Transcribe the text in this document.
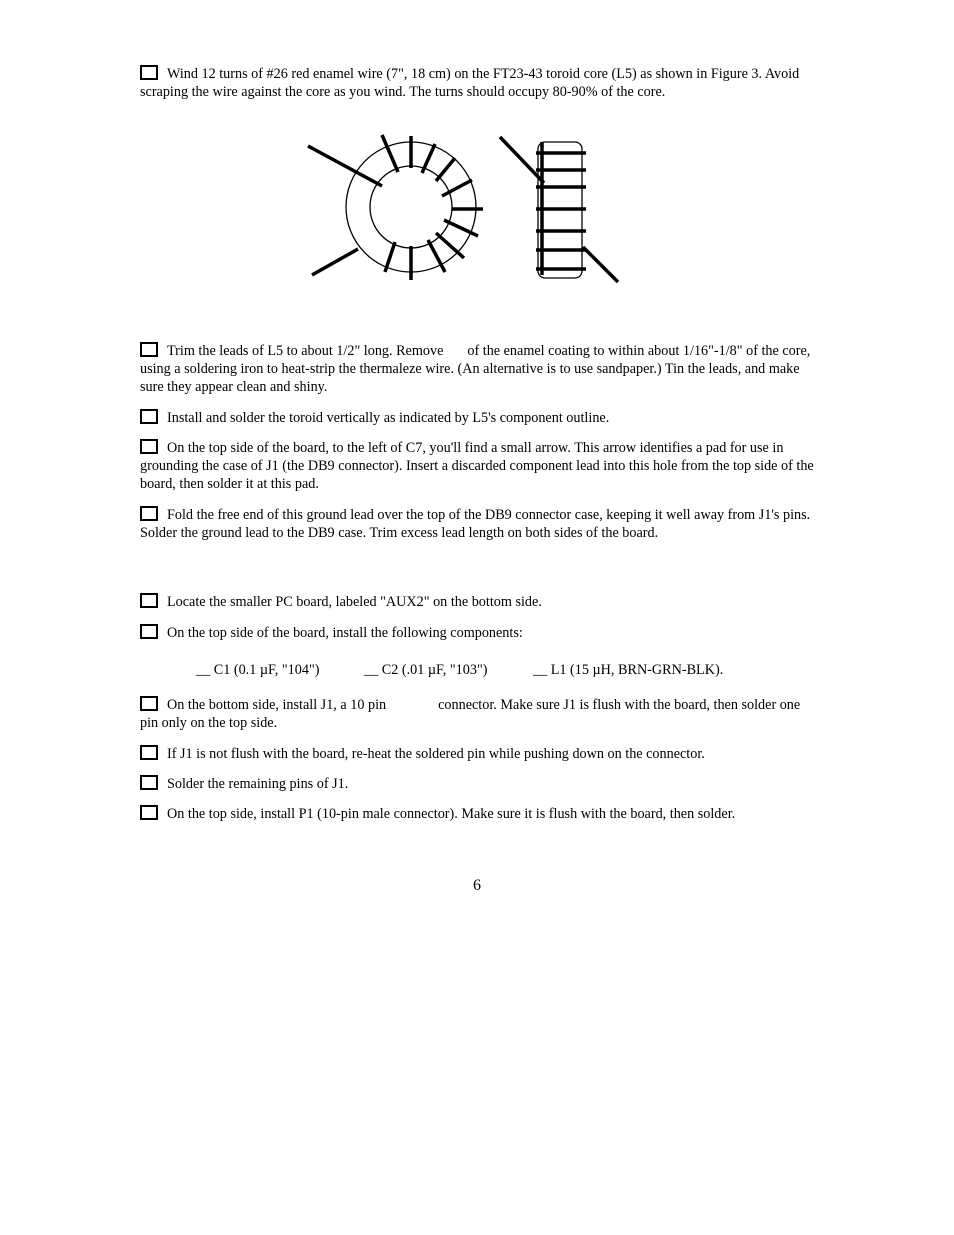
Wind 12 turns of #26 red enamel wire (7", 18 cm) on the FT23-43 toroid core (L5) as shown in Figure 3. Avoid scraping the wire against the core as you wind. The turns should occupy 80-90% of the core.
Trim the leads of L5 to about 1/2" long. Remove of the enamel coating to within about 1/16"-1/8" of the core, using a soldering iron to heat-strip the thermaleze wire. (An alternative is to use sandpaper.) Tin the leads, and make sure they appear clean and shiny.
Install and solder the toroid vertically as indicated by L5's component outline.
On the top side of the board, to the left of C7, you'll find a small arrow. This arrow identifies a pad for use in grounding the case of J1 (the DB9 connector). Insert a discarded component lead into this hole from the top side of the board, then solder it at this pad.
Fold the free end of this ground lead over the top of the DB9 connector case, keeping it well away from J1's pins. Solder the ground lead to the DB9 case. Trim excess lead length on both sides of the board.
Locate the smaller PC board, labeled "AUX2" on the bottom side.
On the top side of the board, install the following components:
__ C1 (0.1 µF, "104")	__ C2 (.01 µF, "103")	__ L1 (15 µH, BRN-GRN-BLK).
On the bottom side, install J1, a 10 pin	connector. Make sure J1 is flush with the board, then solder one pin only on the top side.
If J1 is not flush with the board, re-heat the soldered pin while pushing down on the connector.
Solder the remaining pins of J1.
On the top side, install P1 (10-pin male connector). Make sure it is flush with the board, then solder.
6
